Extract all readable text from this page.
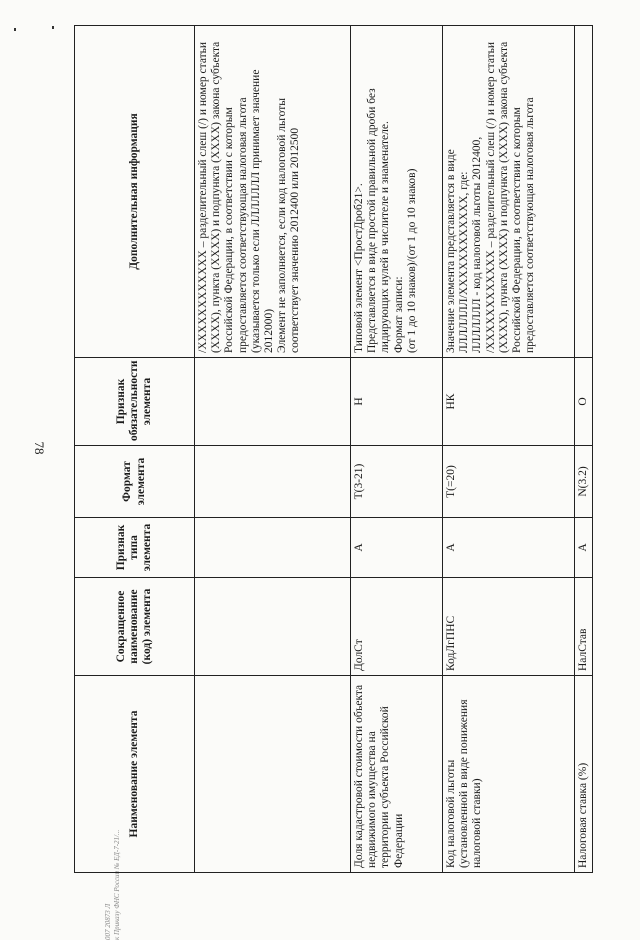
78
007 20873 Л к Приказу ФНС России № ЕД-7-21/...
Наименование элемента	Сокращенное наименование (код) элемента	Признак типа элемента	Формат элемента	Признак обязательности элемента	Дополнительная информация

					/XXXXXXXXXXXX – разделительный слеш (/) и номер статьи (XXXX), пункта (XXXX) и подпункта (XXXX) закона субъекта Российской Федерации, в соответствии с которым предоставляется соответствующая налоговая льгота (указывается только если ЛЛЛЛЛЛЛ принимает значение 2012000) Элемент не заполняется, если код налоговой льготы соответствует значению 2012400 или 2012500

Доля кадастровой стоимости объекта недвижимого имущества на территории субъекта Российской Федерации	ДолСт	А	T(3-21)	Н	Типовой элемент <ПростДроб21>. Представляется в виде простой правильной дроби без лидирующих нулей в числителе и знаменателе. Формат записи: (от 1 до 10 знаков)/(от 1 до 10 знаков)

Код налоговой льготы (установленной в виде понижения налоговой ставки)	КодЛгПНС	А	T(=20)	НК	Значение элемента представляется в виде ЛЛЛЛЛЛЛ/XXXXXXXXXXXX, где: ЛЛЛЛЛЛЛ - код налоговой льготы 2012400, /XXXXXXXXXXXX – разделительный слеш (/) и номер статьи (XXXX), пункта (XXXX) и подпункта (XXXX) закона субъекта Российской Федерации, в соответствии с которым предоставляется соответствующая налоговая льгота

Налоговая ставка (%)	НалСтав	А	N(3.2)	О	
